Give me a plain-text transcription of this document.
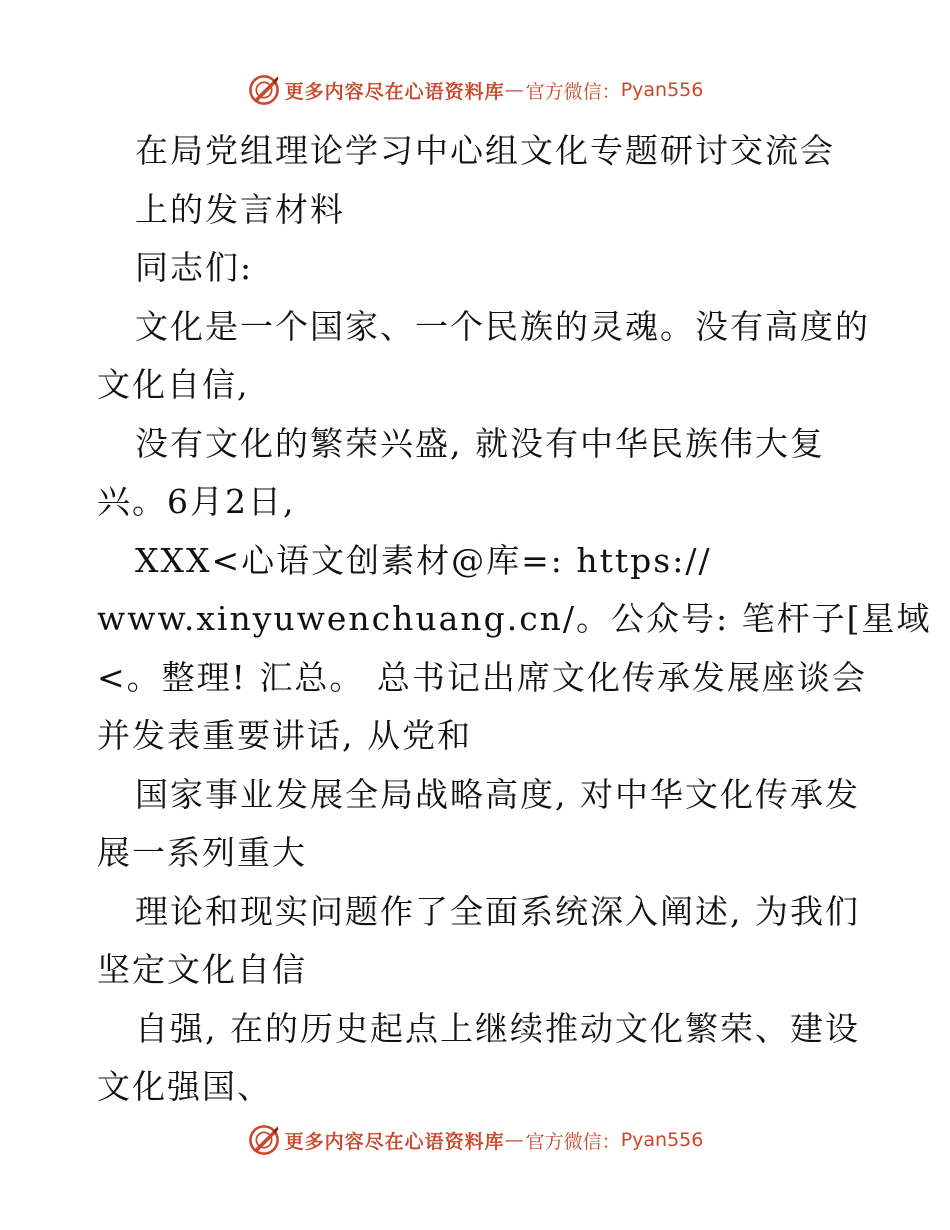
更多内容尽在心语资料库 — 官方微信： Pyan556
在局党组理论学习中心组文化专题研讨交流会
上的发言材料
同志们:
文化是一个国家、一个民族的灵魂。没有高度的
文化自信,
没有文化的繁荣兴盛, 就没有中华民族伟大复
兴。6月2日,
XXX<心语文创素材@库=: https://
www.xinyuwenchuang.cn/。公众号: 笔杆子[星域
<。整理! 汇总。 总书记出席文化传承发展座谈会
并发表重要讲话, 从党和
国家事业发展全局战略高度, 对中华文化传承发
展一系列重大
理论和现实问题作了全面系统深入阐述, 为我们
坚定文化自信
自强, 在的历史起点上继续推动文化繁荣、建设
文化强国、
更多内容尽在心语资料库 — 官方微信： Pyan556
